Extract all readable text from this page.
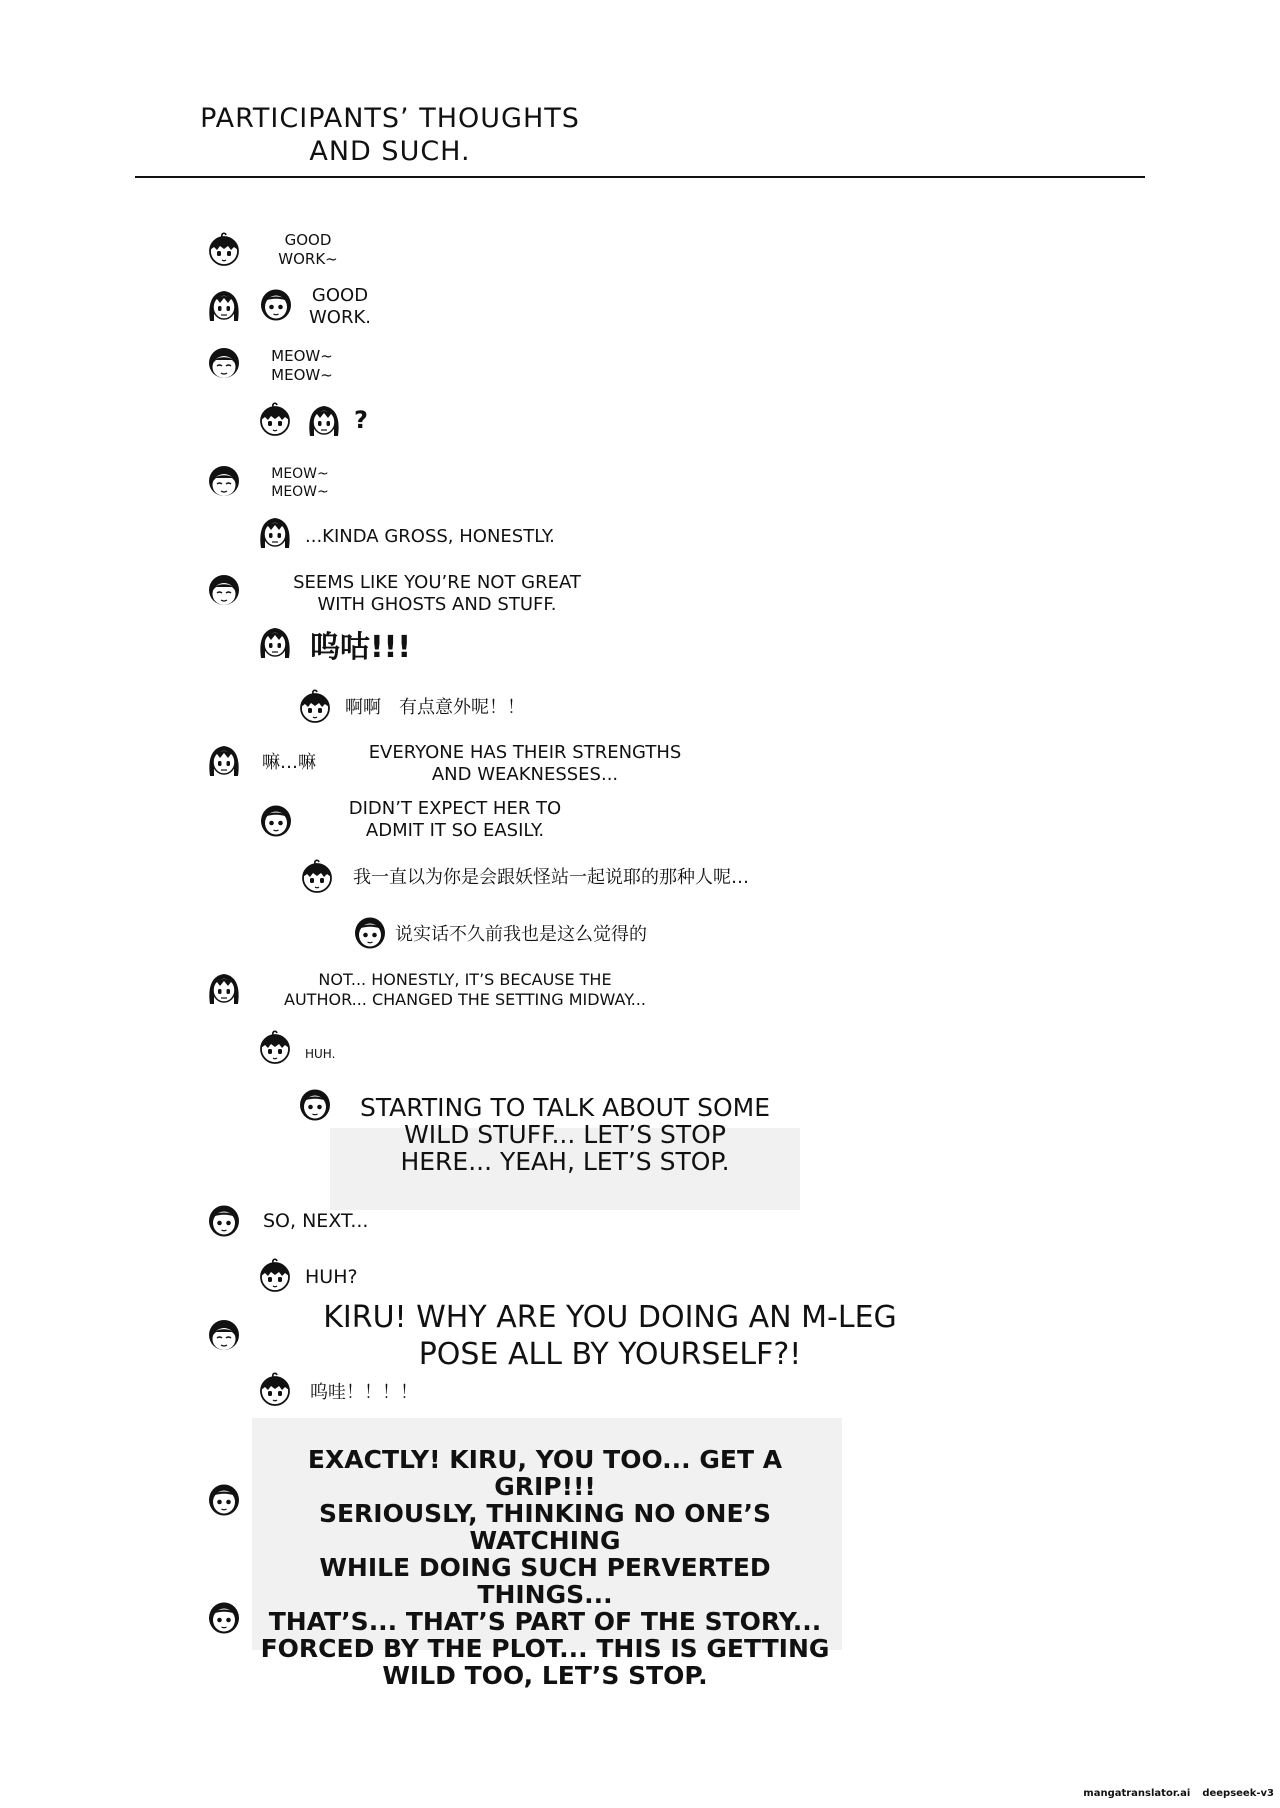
PARTICIPANTS’ THOUGHTS AND SUCH.

GOOD
WORK~

GOOD
WORK.

MEOW~
MEOW~

?

MEOW~
MEOW~

...KINDA GROSS, HONESTLY.

SEEMS LIKE YOU’RE NOT GREAT
WITH GHOSTS AND STUFF.

呜咕!!!

啊啊　有点意外呢！！

嘛…嘛	EVERYONE HAS THEIR STRENGTHS
AND WEAKNESSES...

DIDN’T EXPECT HER TO
ADMIT IT SO EASILY.

我一直以为你是会跟妖怪站一起说耶的那种人呢…

说实话不久前我也是这么觉得的

NOT... HONESTLY, IT’S BECAUSE THE
AUTHOR... CHANGED THE SETTING MIDWAY...

HUH.

STARTING TO TALK ABOUT SOME
WILD STUFF... LET’S STOP
HERE... YEAH, LET’S STOP.

SO, NEXT...

HUH?

KIRU! WHY ARE YOU DOING AN M-LEG
POSE ALL BY YOURSELF?!

呜哇！！！！

EXACTLY! KIRU, YOU TOO... GET A GRIP!!!
SERIOUSLY, THINKING NO ONE’S WATCHING
WHILE DOING SUCH PERVERTED THINGS...
THAT’S... THAT’S PART OF THE STORY...
FORCED BY THE PLOT... THIS IS GETTING
WILD TOO, LET’S STOP.

mangatranslator.ai deepseek-v3
